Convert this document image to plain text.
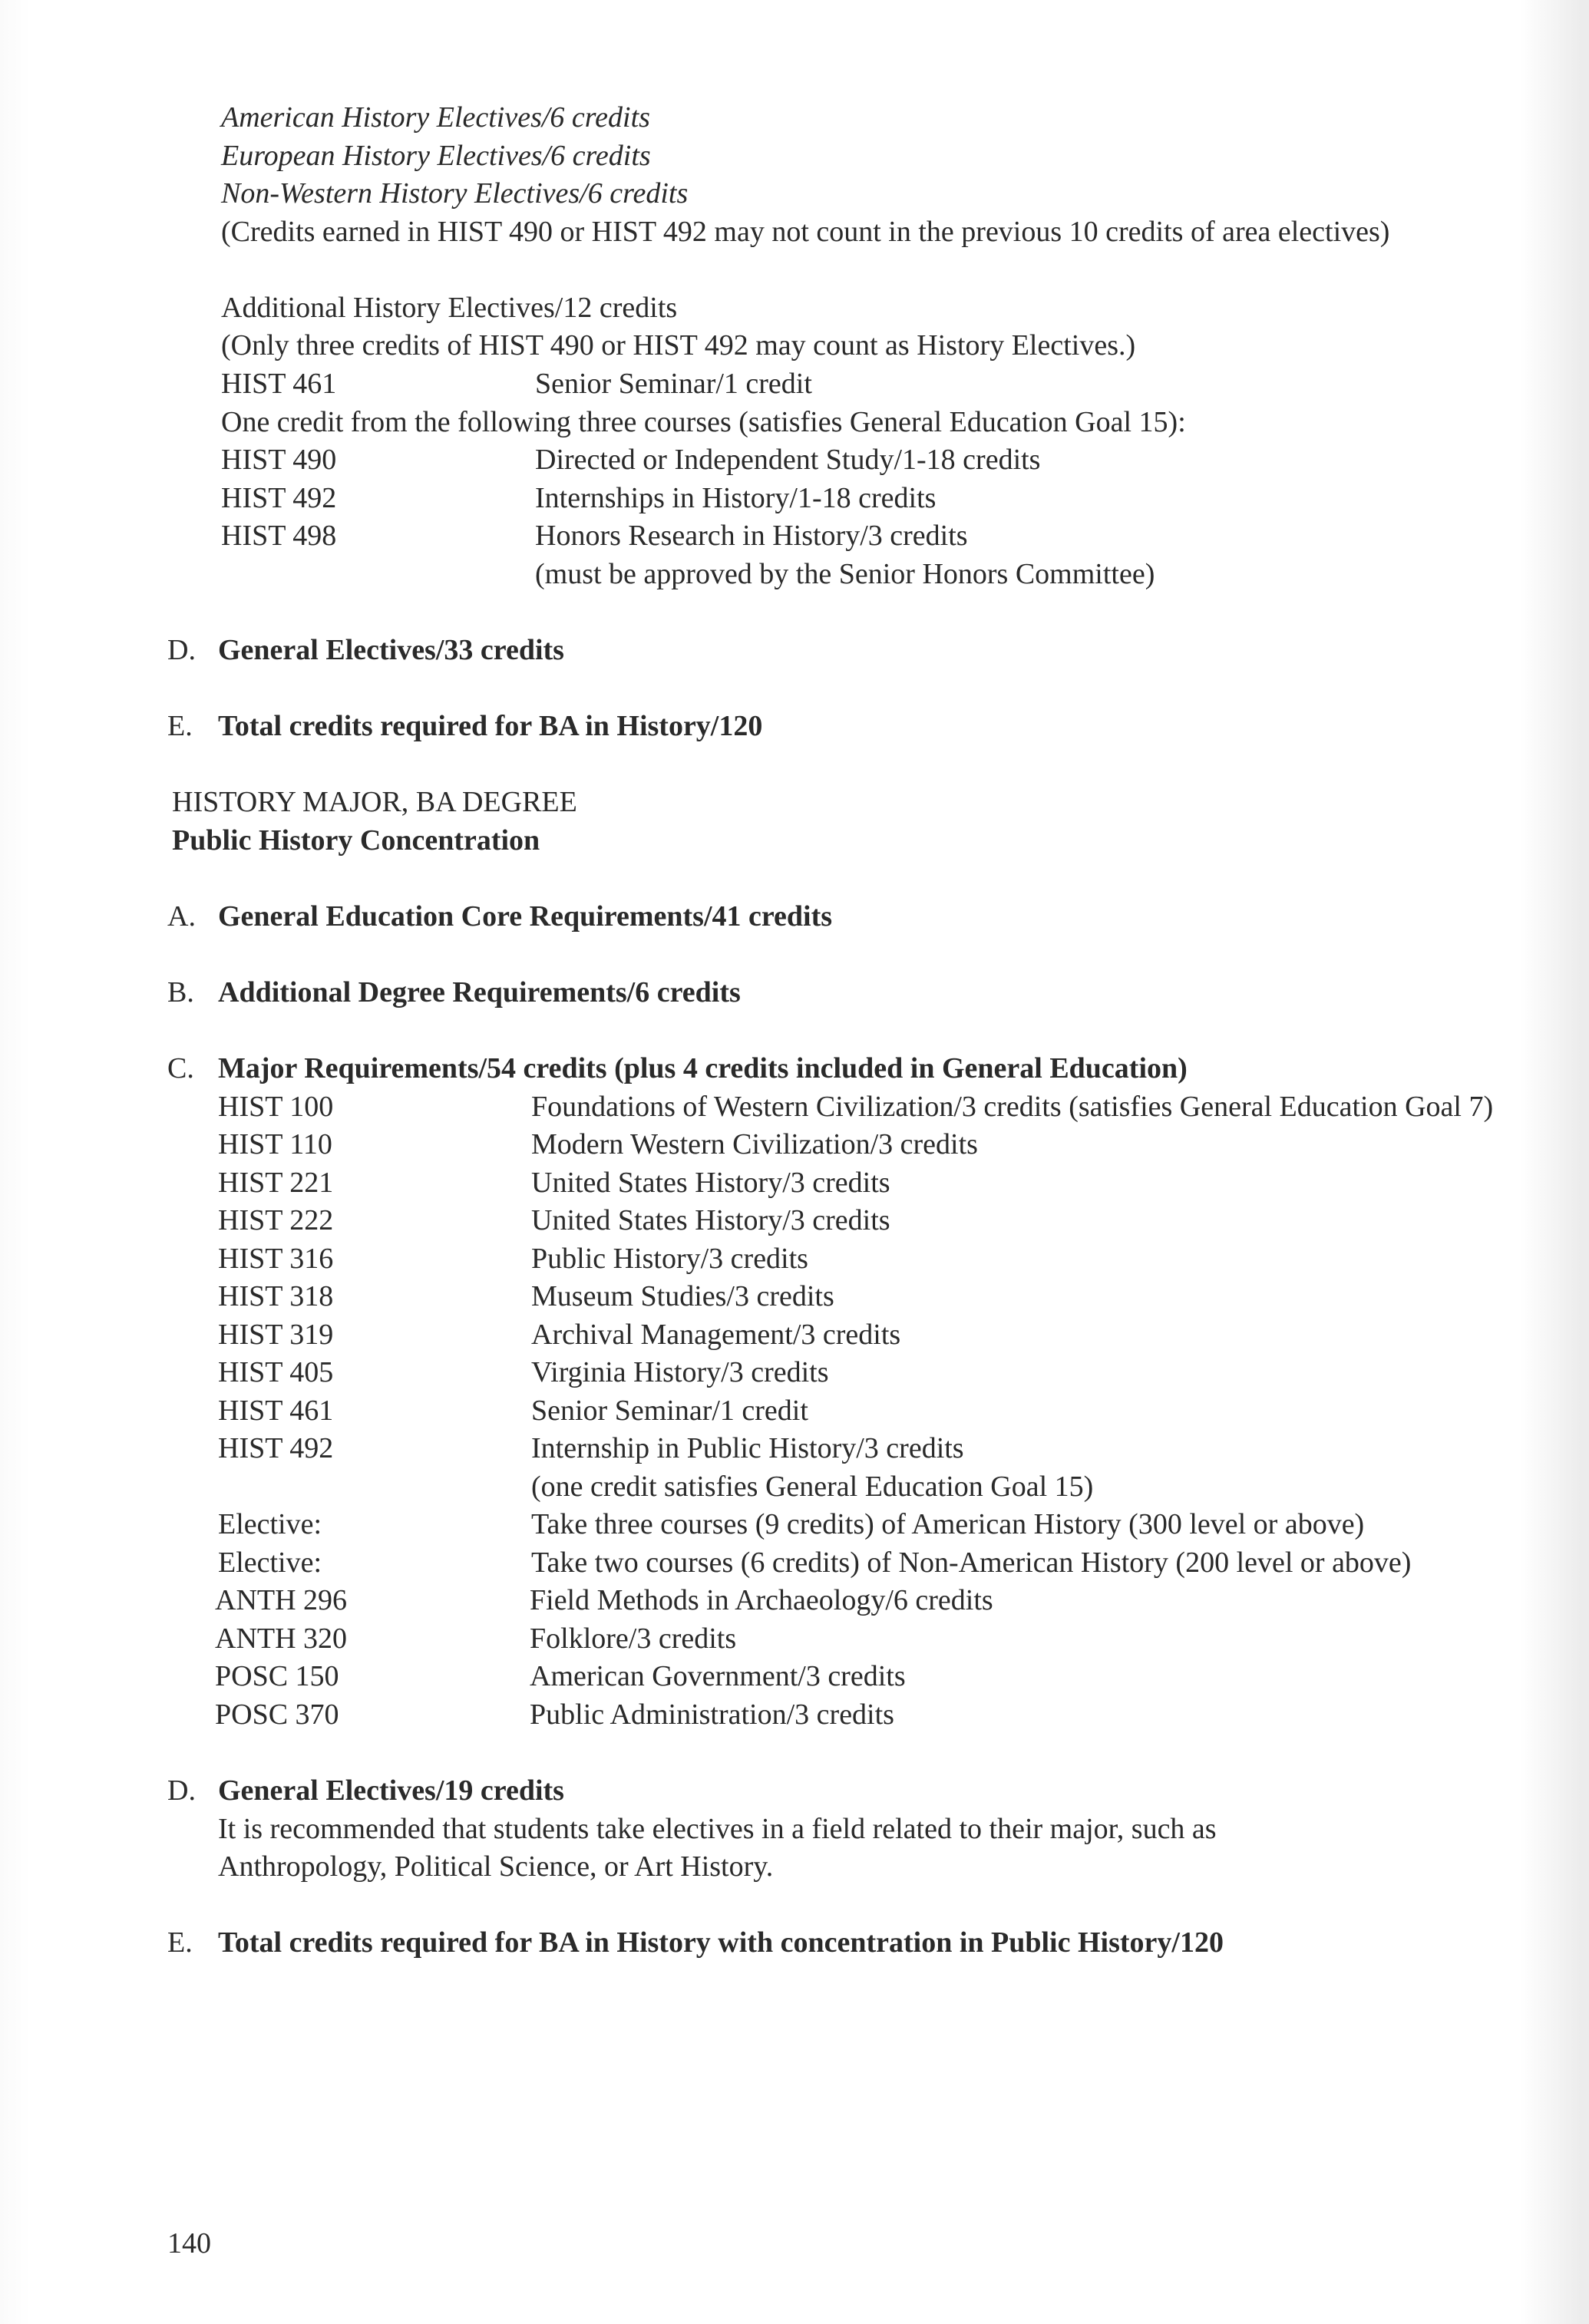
American History Electives/6 credits
European History Electives/6 credits
Non-Western History Electives/6 credits
(Credits earned in HIST 490 or HIST 492 may not count in the previous 10 credits of area electives)
Additional History Electives/12 credits
(Only three credits of HIST 490 or HIST 492 may count as History Electives.)
HIST 461	Senior Seminar/1 credit
One credit from the following three courses (satisfies General Education Goal 15):
HIST 490	Directed or Independent Study/1-18 credits
HIST 492	Internships in History/1-18 credits
HIST 498	Honors Research in History/3 credits
(must be approved by the Senior Honors Committee)
D. General Electives/33 credits
E. Total credits required for BA in History/120
HISTORY MAJOR, BA DEGREE
Public History Concentration
A. General Education Core Requirements/41 credits
B. Additional Degree Requirements/6 credits
C. Major Requirements/54 credits (plus 4 credits included in General Education)
HIST 100	Foundations of Western Civilization/3 credits (satisfies General Education Goal 7)
HIST 110	Modern Western Civilization/3 credits
HIST 221	United States History/3 credits
HIST 222	United States History/3 credits
HIST 316	Public History/3 credits
HIST 318	Museum Studies/3 credits
HIST 319	Archival Management/3 credits
HIST 405	Virginia History/3 credits
HIST 461	Senior Seminar/1 credit
HIST 492	Internship in Public History/3 credits
(one credit satisfies General Education Goal 15)
Elective:	Take three courses (9 credits) of American History (300 level or above)
Elective:	Take two courses (6 credits) of Non-American History (200 level or above)
ANTH 296	Field Methods in Archaeology/6 credits
ANTH 320	Folklore/3 credits
POSC 150	American Government/3 credits
POSC 370	Public Administration/3 credits
D. General Electives/19 credits
It is recommended that students take electives in a field related to their major, such as
Anthropology, Political Science, or Art History.
E. Total credits required for BA in History with concentration in Public History/120
140
